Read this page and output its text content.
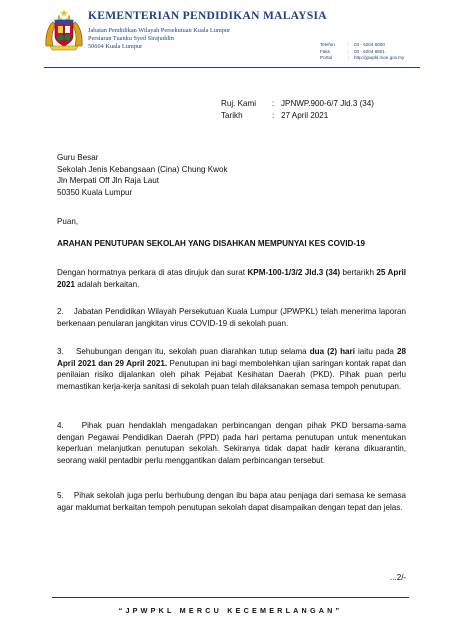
KEMENTERIAN PENDIDIKAN MALAYSIA
Jabatan Pendidikan Wilayah Persekutuan Kuala Lumpur
Persiaran Tuanku Syed Sirajuddin
50604 Kuala Lumpur	Telefon	: 03 - 6204 6000
Faks	: 03 - 6204 6801
Portal	: http://jpwpkl.moe.gov.my
Ruj. Kami : JPNWP.900-6/7 Jld.3 (34)
Tarikh	: 27 April 2021
Guru Besar
Sekolah Jenis Kebangsaan (Cina) Chung Kwok
Jln Merpati Off Jln Raja Laut
50350 Kuala Lumpur
Puan,
ARAHAN PENUTUPAN SEKOLAH YANG DISAHKAN MEMPUNYAI KES COVID-19
Dengan hormatnya perkara di atas dirujuk dan surat KPM-100-1/3/2 Jld.3 (34) bertarikh 25 April 2021 adalah berkaitan.
2.    Jabatan Pendidikan Wilayah Persekutuan Kuala Lumpur (JPWPKL) telah menerima laporan berkenaan penularan jangkitan virus COVID-19 di sekolah puan.
3.    Sehubungan dengan itu, sekolah puan diarahkan tutup selama dua (2) hari iaitu pada 28 April 2021 dan 29 April 2021. Penutupan ini bagi membolehkan ujian saringan kontak rapat dan penilaian risiko dijalankan oleh pihak Pejabat Kesihatan Daerah (PKD). Pihak puan perlu memastikan kerja-kerja sanitasi di sekolah puan telah dilaksanakan semasa tempoh penutupan.
4.    Pihak puan hendaklah mengadakan perbincangan dengan pihak PKD bersama-sama dengan Pegawai Pendidikan Daerah (PPD) pada hari pertama penutupan untuk menentukan keperluan melanjutkan penutupan sekolah. Sekiranya tidak dapat hadir kerana dikuarantin, seorang wakil pentadbir perlu menggantikan dalam perbincangan tersebut.
5.    Pihak sekolah juga perlu berhubung dengan ibu bapa atau penjaga dari semasa ke semasa agar maklumat berkaitan tempoh penutupan sekolah dapat disampaikan dengan tepat dan jelas.
...2/-
“JPWPKL MERCU KECEMERLANGAN”
